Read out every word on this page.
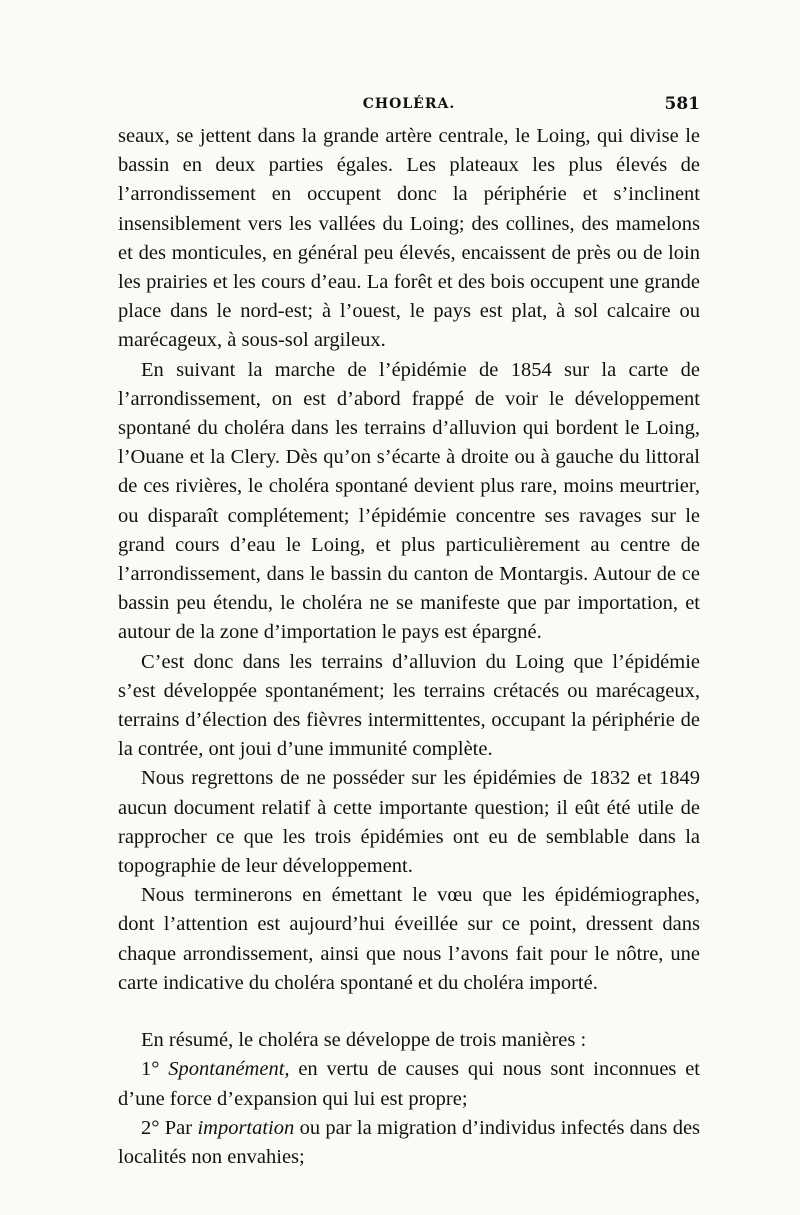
CHOLÉRA.	581

seaux, se jettent dans la grande artère centrale, le Loing, qui divise le bassin en deux parties égales. Les plateaux les plus élevés de l’arrondissement en occupent donc la périphérie et s’inclinent insensiblement vers les vallées du Loing; des collines, des mamelons et des monticules, en général peu élevés, encaissent de près ou de loin les prairies et les cours d’eau. La forêt et des bois occupent une grande place dans le nord-est; à l’ouest, le pays est plat, à sol calcaire ou marécageux, à sous-sol argileux.

En suivant la marche de l’épidémie de 1854 sur la carte de l’arrondissement, on est d’abord frappé de voir le développement spontané du choléra dans les terrains d’alluvion qui bordent le Loing, l’Ouane et la Clery. Dès qu’on s’écarte à droite ou à gauche du littoral de ces rivières, le choléra spontané devient plus rare, moins meurtrier, ou disparaît complétement; l’épidémie concentre ses ravages sur le grand cours d’eau le Loing, et plus particulièrement au centre de l’arrondissement, dans le bassin du canton de Montargis. Autour de ce bassin peu étendu, le choléra ne se manifeste que par importation, et autour de la zone d’importation le pays est épargné.

C’est donc dans les terrains d’alluvion du Loing que l’épidémie s’est développée spontanément; les terrains crétacés ou marécageux, terrains d’élection des fièvres intermittentes, occupant la périphérie de la contrée, ont joui d’une immunité complète.

Nous regrettons de ne posséder sur les épidémies de 1832 et 1849 aucun document relatif à cette importante question; il eût été utile de rapprocher ce que les trois épidémies ont eu de semblable dans la topographie de leur développement.

Nous terminerons en émettant le vœu que les épidémiographes, dont l’attention est aujourd’hui éveillée sur ce point, dressent dans chaque arrondissement, ainsi que nous l’avons fait pour le nôtre, une carte indicative du choléra spontané et du choléra importé.

En résumé, le choléra se développe de trois manières :

1° Spontanément, en vertu de causes qui nous sont inconnues et d’une force d’expansion qui lui est propre;

2° Par importation ou par la migration d’individus infectés dans des localités non envahies;
